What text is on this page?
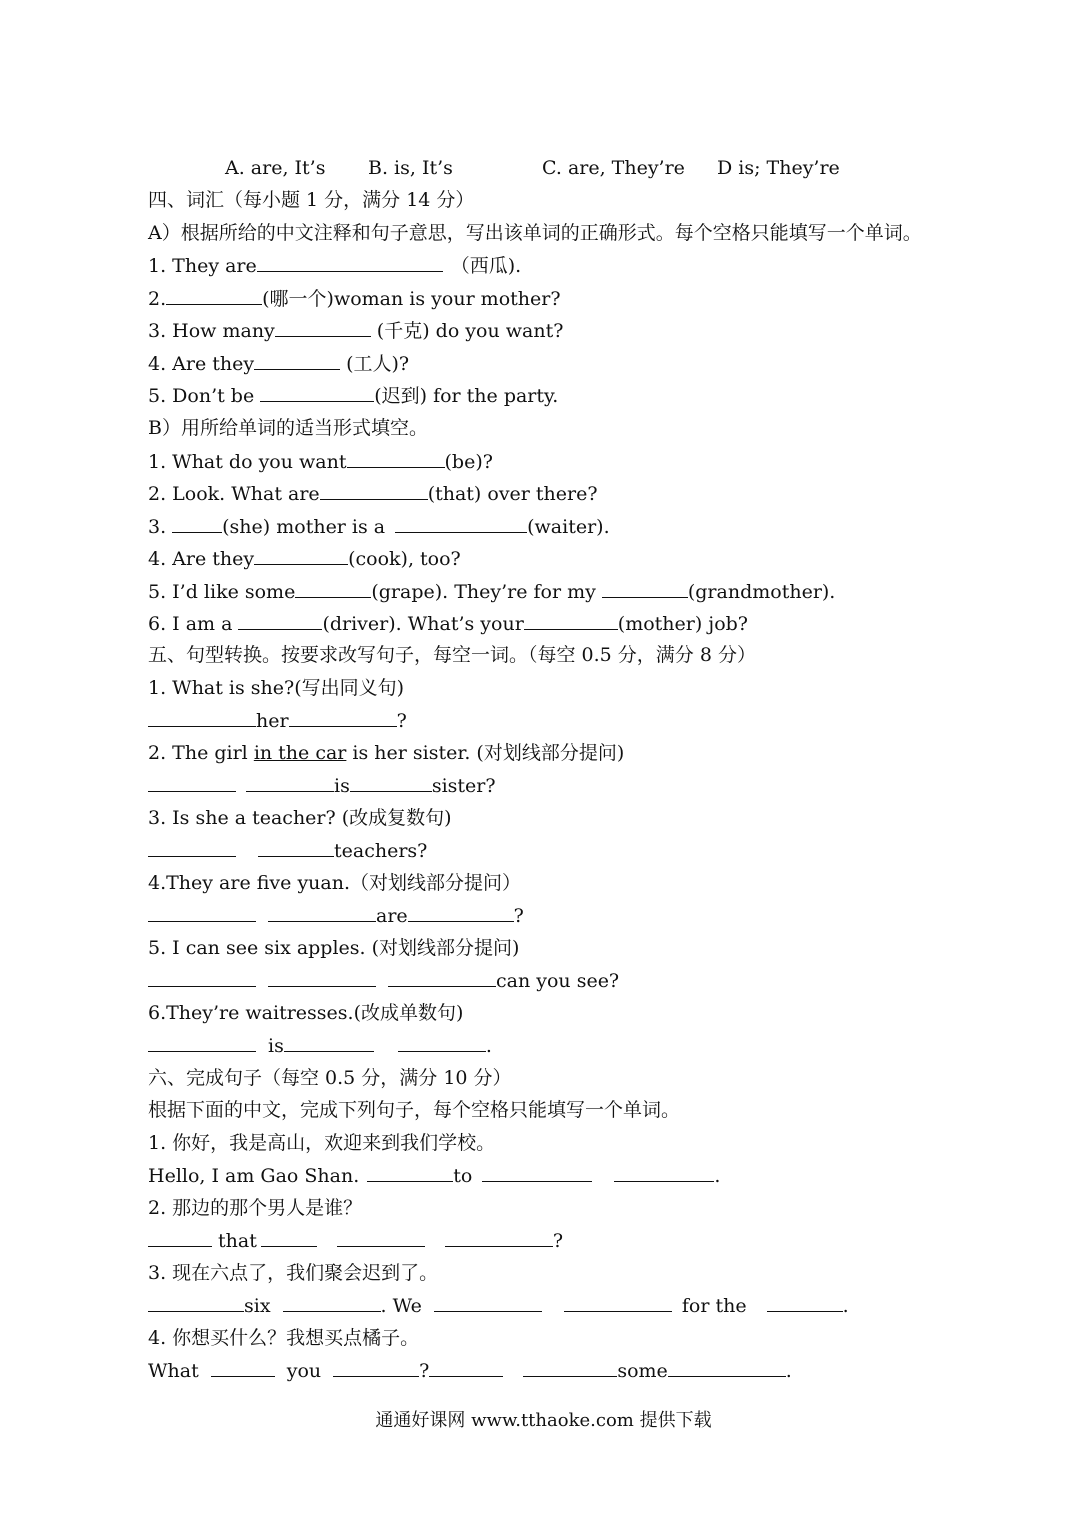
A. are, It’s B. is, It’s	C. are, They’re D is; They’re
四、词汇（每小题 1 分，满分 14 分）
A）根据所给的中文注释和句子意思，写出该单词的正确形式。每个空格只能填写一个单词。
1. They are	（西瓜).
2.	(哪一个)woman is your mother?
3. How many	(千克) do you want?
4. Are they	(工人)?
5. Don’t be	(迟到) for the party.
B）用所给单词的适当形式填空。
1. What do you want	(be)?
2. Look. What are	(that) over there?
3.	(she) mother is a	(waiter).
4. Are they	(cook), too?
5. I’d like some	(grape). They’re for my	(grandmother).
6. I am a	(driver). What’s your	(mother) job?
五、句型转换。按要求改写句子，每空一词。（每空 0.5 分，满分 8 分）
1. What is she?(写出同义句)
her	?
2. The girl in the car is her sister. (对划线部分提问)
is	sister?
3. Is she a teacher? (改成复数句)
teachers?
4.They are five yuan.（对划线部分提问）
are	?
5. I can see six apples. (对划线部分提问)
can you see?
6.They’re waitresses.(改成单数句)
is	.
六、完成句子（每空 0.5 分，满分 10 分）
根据下面的中文，完成下列句子，每个空格只能填写一个单词。
1. 你好，我是高山，欢迎来到我们学校。
Hello, I am Gao Shan.	to	.
2. 那边的那个男人是谁？
that	?
3. 现在六点了，我们聚会迟到了。
six	. We	for the	.
4. 你想买什么？我想买点橘子。
What	you	?	some	.
通通好课网 www.tthaoke.com 提供下载
